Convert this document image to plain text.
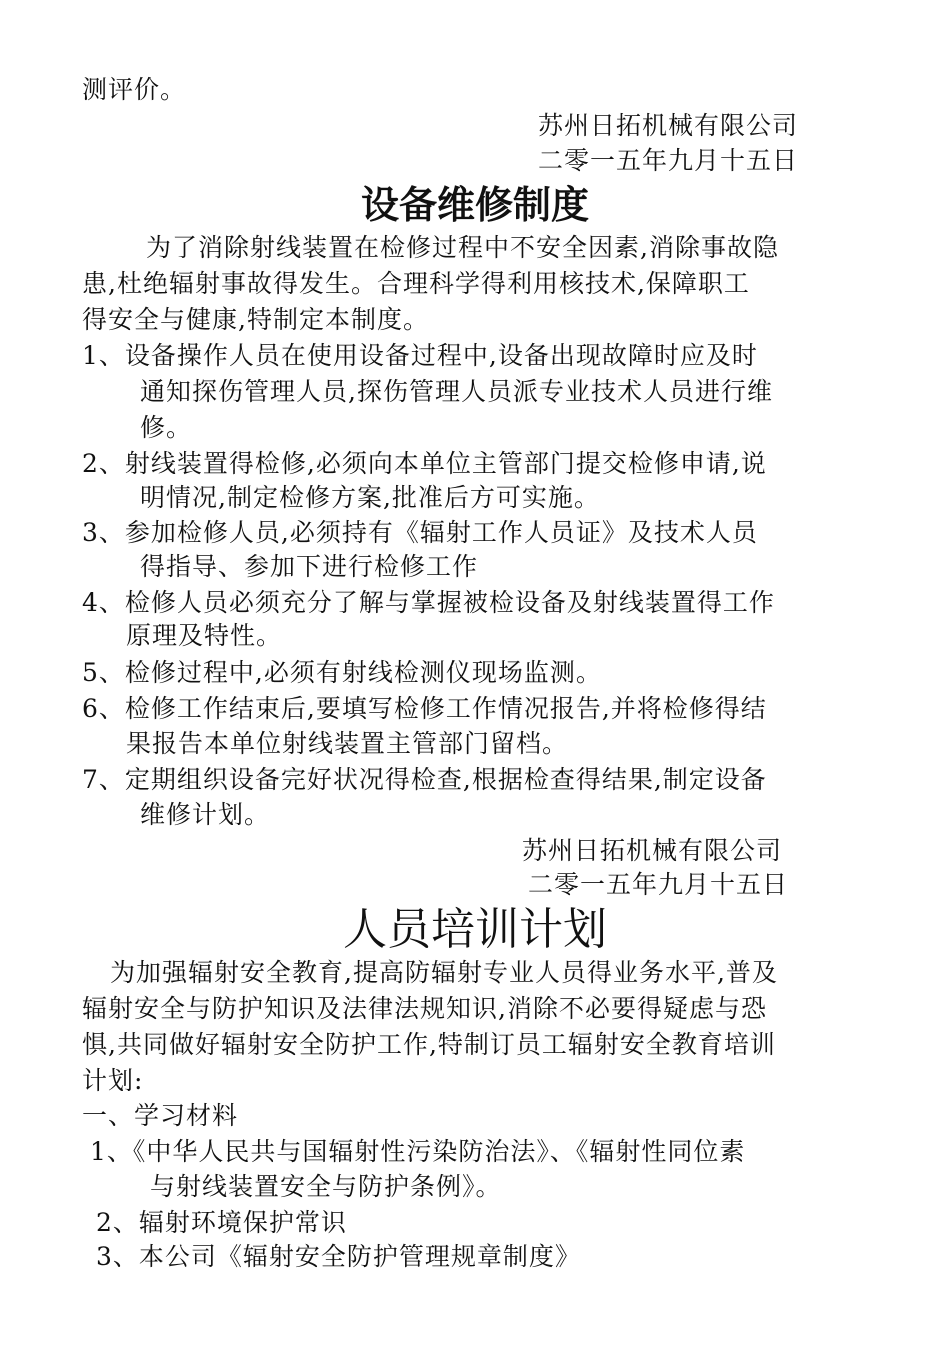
测评价。
苏州日拓机械有限公司
二零一五年九月十五日
设备维修制度
为了消除射线装置在检修过程中不安全因素,消除事故隐
患,杜绝辐射事故得发生。合理科学得利用核技术,保障职工
得安全与健康,特制定本制度。
1、设备操作人员在使用设备过程中,设备出现故障时应及时
通知探伤管理人员,探伤管理人员派专业技术人员进行维
修。
2、射线装置得检修,必须向本单位主管部门提交检修申请,说
明情况,制定检修方案,批准后方可实施。
3、参加检修人员,必须持有《辐射工作人员证》及技术人员
得指导、参加下进行检修工作
4、检修人员必须充分了解与掌握被检设备及射线装置得工作
原理及特性。
5、检修过程中,必须有射线检测仪现场监测。
6、检修工作结束后,要填写检修工作情况报告,并将检修得结
果报告本单位射线装置主管部门留档。
7、定期组织设备完好状况得检查,根据检查得结果,制定设备
维修计划。
苏州日拓机械有限公司
二零一五年九月十五日
人员培训计划
为加强辐射安全教育,提高防辐射专业人员得业务水平,普及
辐射安全与防护知识及法律法规知识,消除不必要得疑虑与恐
惧,共同做好辐射安全防护工作,特制订员工辐射安全教育培训
计划:
一、学习材料
1、《中华人民共与国辐射性污染防治法》、《辐射性同位素
与射线装置安全与防护条例》。
2、辐射环境保护常识
3、本公司《辐射安全防护管理规章制度》
